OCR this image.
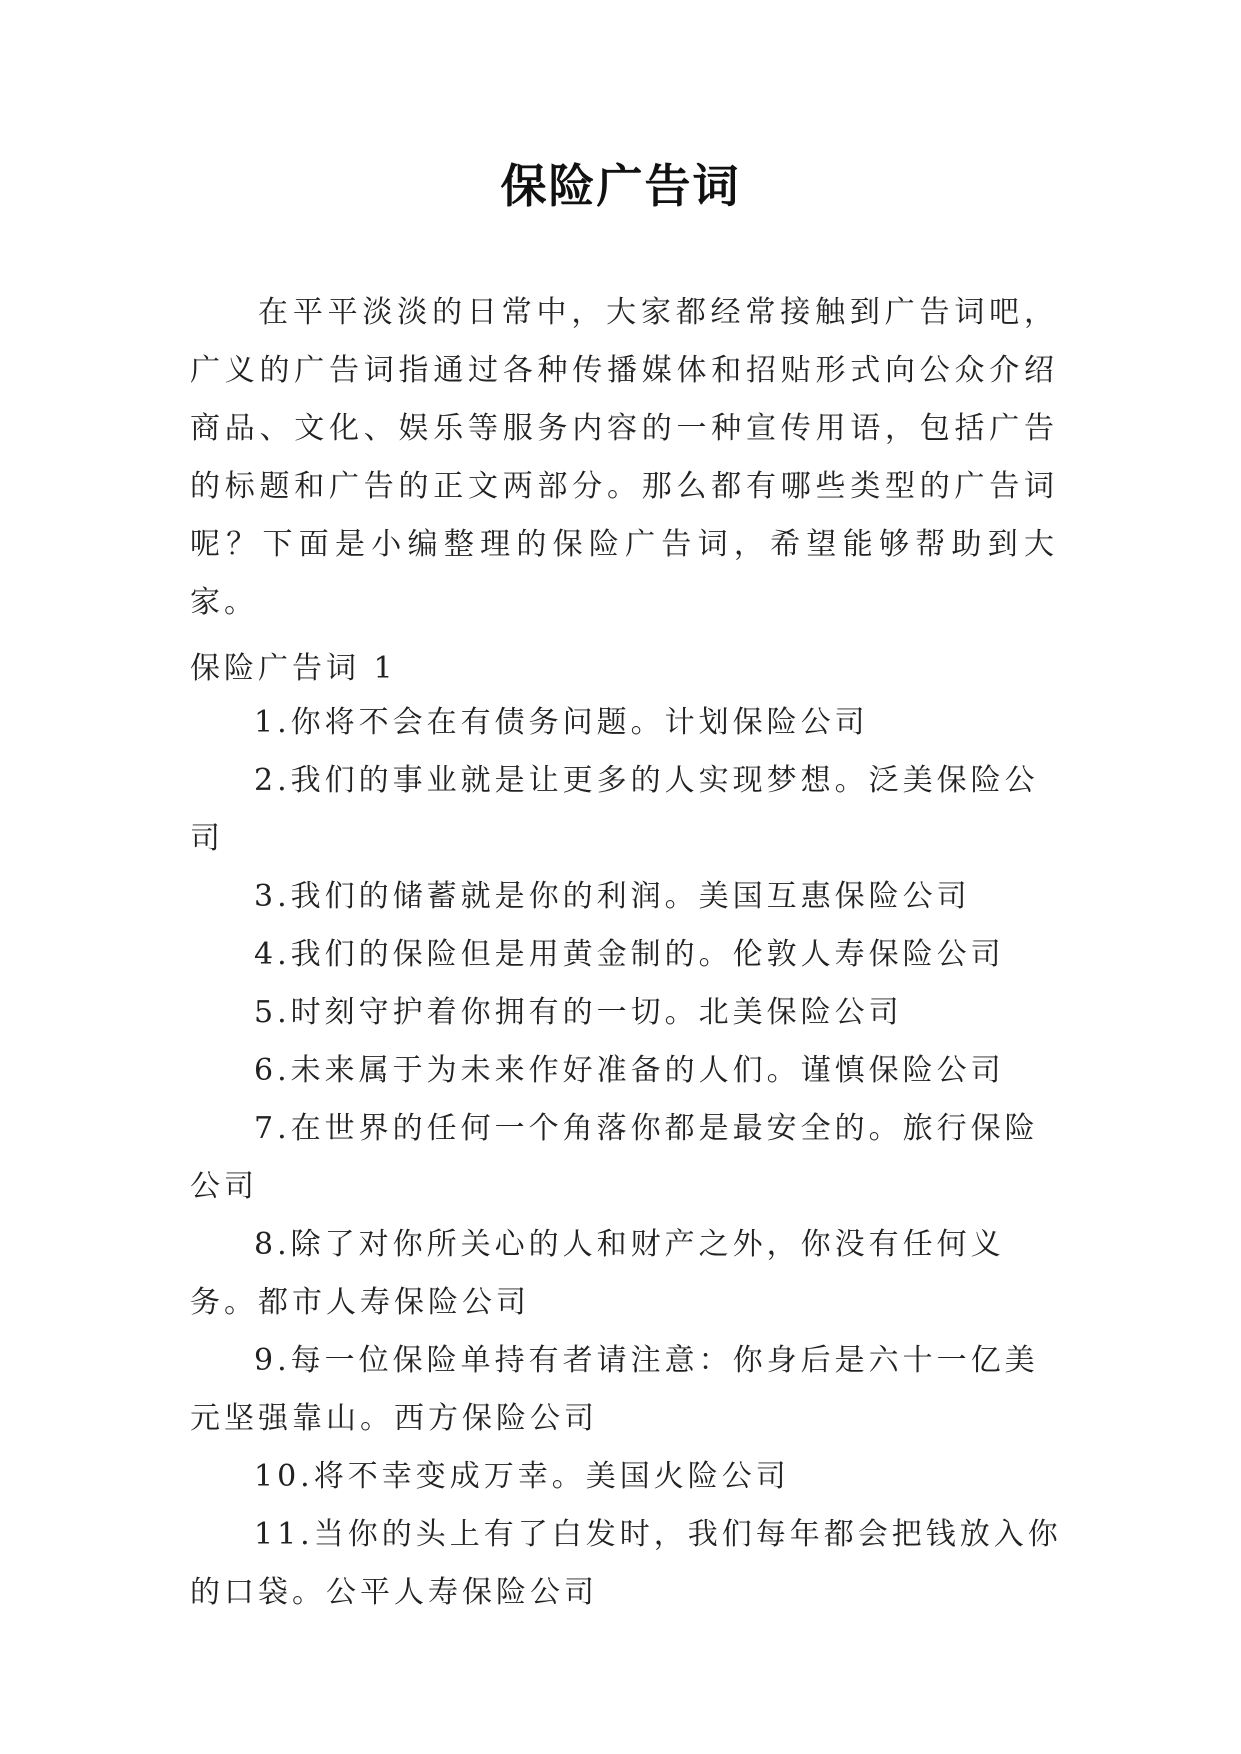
保险广告词

在平平淡淡的日常中，大家都经常接触到广告词吧，广义的广告词指通过各种传播媒体和招贴形式向公众介绍商品、文化、娱乐等服务内容的一种宣传用语，包括广告的标题和广告的正文两部分。那么都有哪些类型的广告词呢？下面是小编整理的保险广告词，希望能够帮助到大家。

保险广告词 1

1.你将不会在有债务问题。计划保险公司

2.我们的事业就是让更多的人实现梦想。泛美保险公司

3.我们的储蓄就是你的利润。美国互惠保险公司

4.我们的保险但是用黄金制的。伦敦人寿保险公司

5.时刻守护着你拥有的一切。北美保险公司

6.未来属于为未来作好准备的人们。谨慎保险公司

7.在世界的任何一个角落你都是最安全的。旅行保险公司

8.除了对你所关心的人和财产之外，你没有任何义务。都市人寿保险公司

9.每一位保险单持有者请注意：你身后是六十一亿美元坚强靠山。西方保险公司

10.将不幸变成万幸。美国火险公司

11.当你的头上有了白发时，我们每年都会把钱放入你的口袋。公平人寿保险公司
